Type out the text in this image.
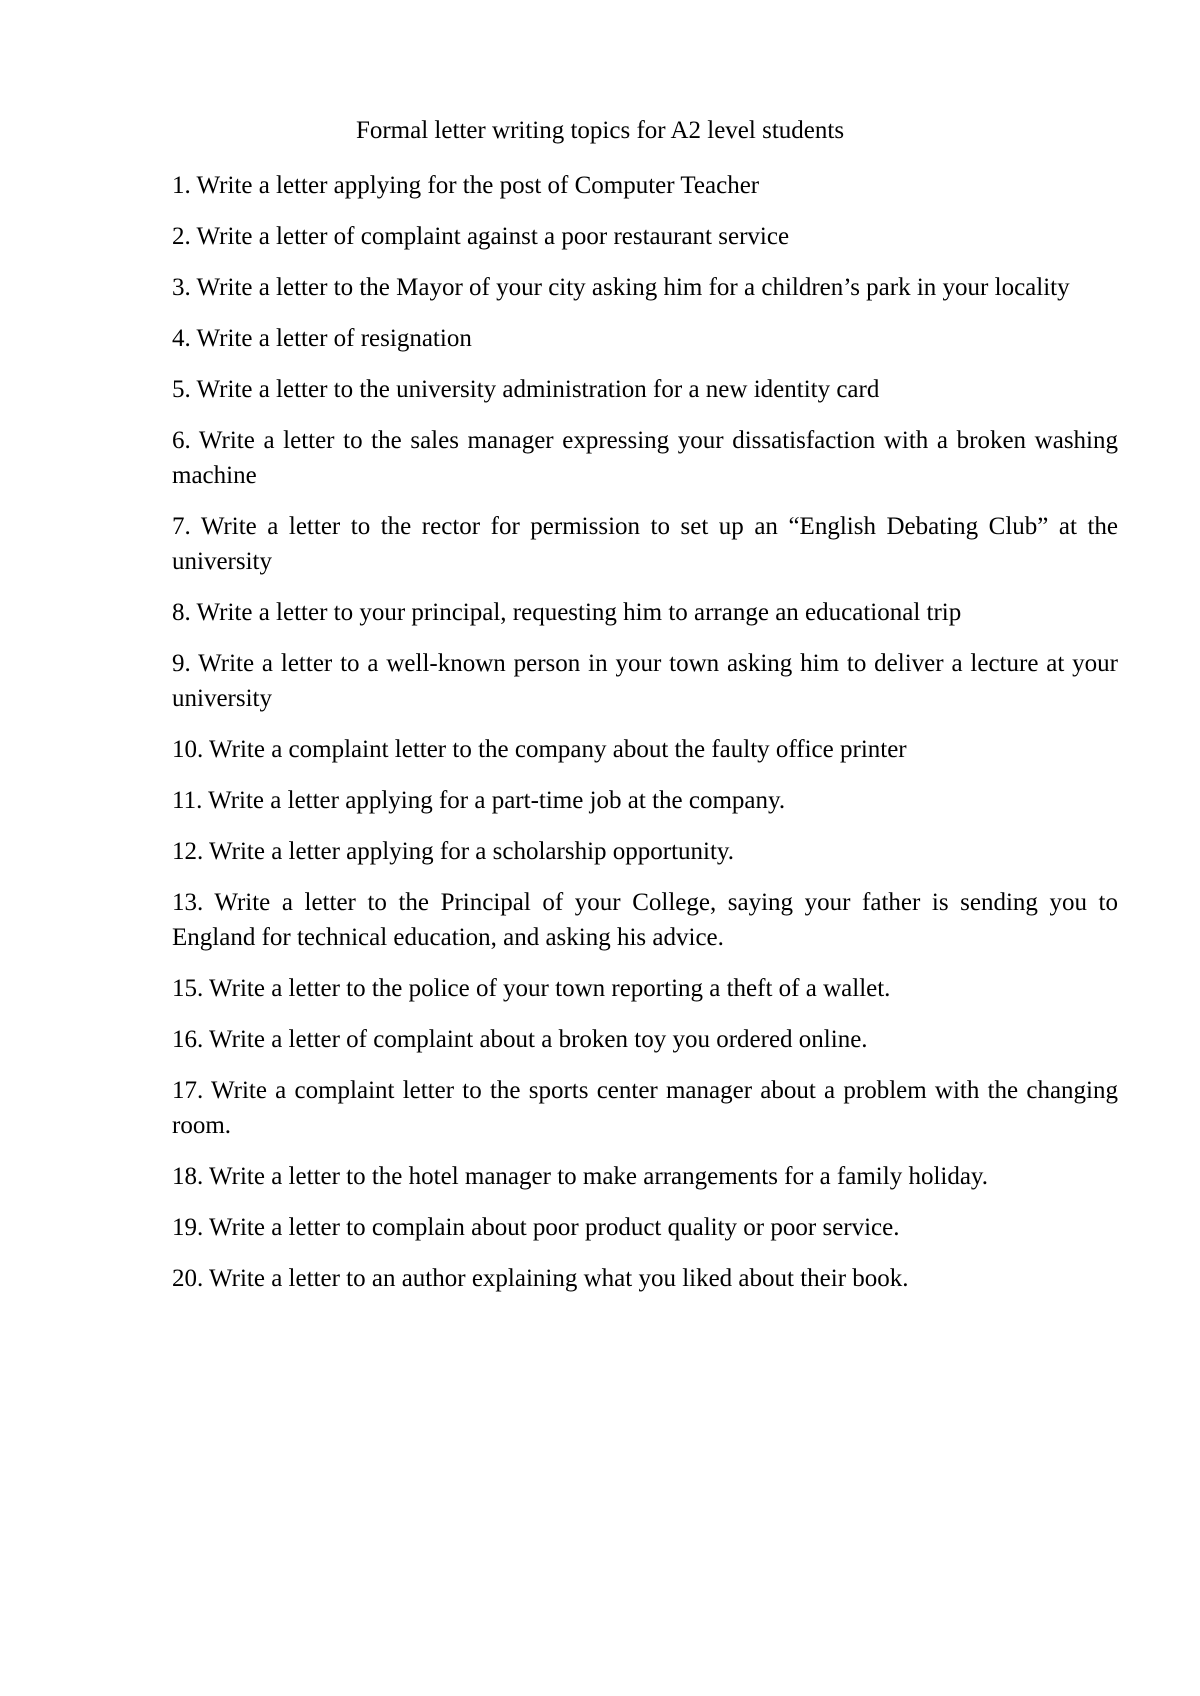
Formal letter writing topics for A2 level students
1. Write a letter applying for the post of Computer Teacher
2. Write a letter of complaint against a poor restaurant service
3. Write a letter to the Mayor of your city asking him for a children’s park in your locality
4. Write a letter of resignation
5. Write a letter to the university administration for a new identity card
6. Write a letter to the sales manager expressing your dissatisfaction with a broken washing machine
7. Write a letter to the rector for permission to set up an “English Debating Club” at the university
8. Write a letter to your principal, requesting him to arrange an educational trip
9. Write a letter to a well-known person in your town asking him to deliver a lecture at your university
10. Write a complaint letter to the company about the faulty office printer
11. Write a letter applying for a part-time job at the company.
12. Write a letter applying for a scholarship opportunity.
13. Write a letter to the Principal of your College, saying your father is sending you to England for technical education, and asking his advice.
15. Write a letter to the police of your town reporting a theft of a wallet.
16. Write a letter of complaint about a broken toy you ordered online.
17. Write a complaint letter to the sports center manager about a problem with the changing room.
18. Write a letter to the hotel manager to make arrangements for a family holiday.
19. Write a letter to complain about poor product quality or poor service.
20. Write a letter to an author explaining what you liked about their book.
